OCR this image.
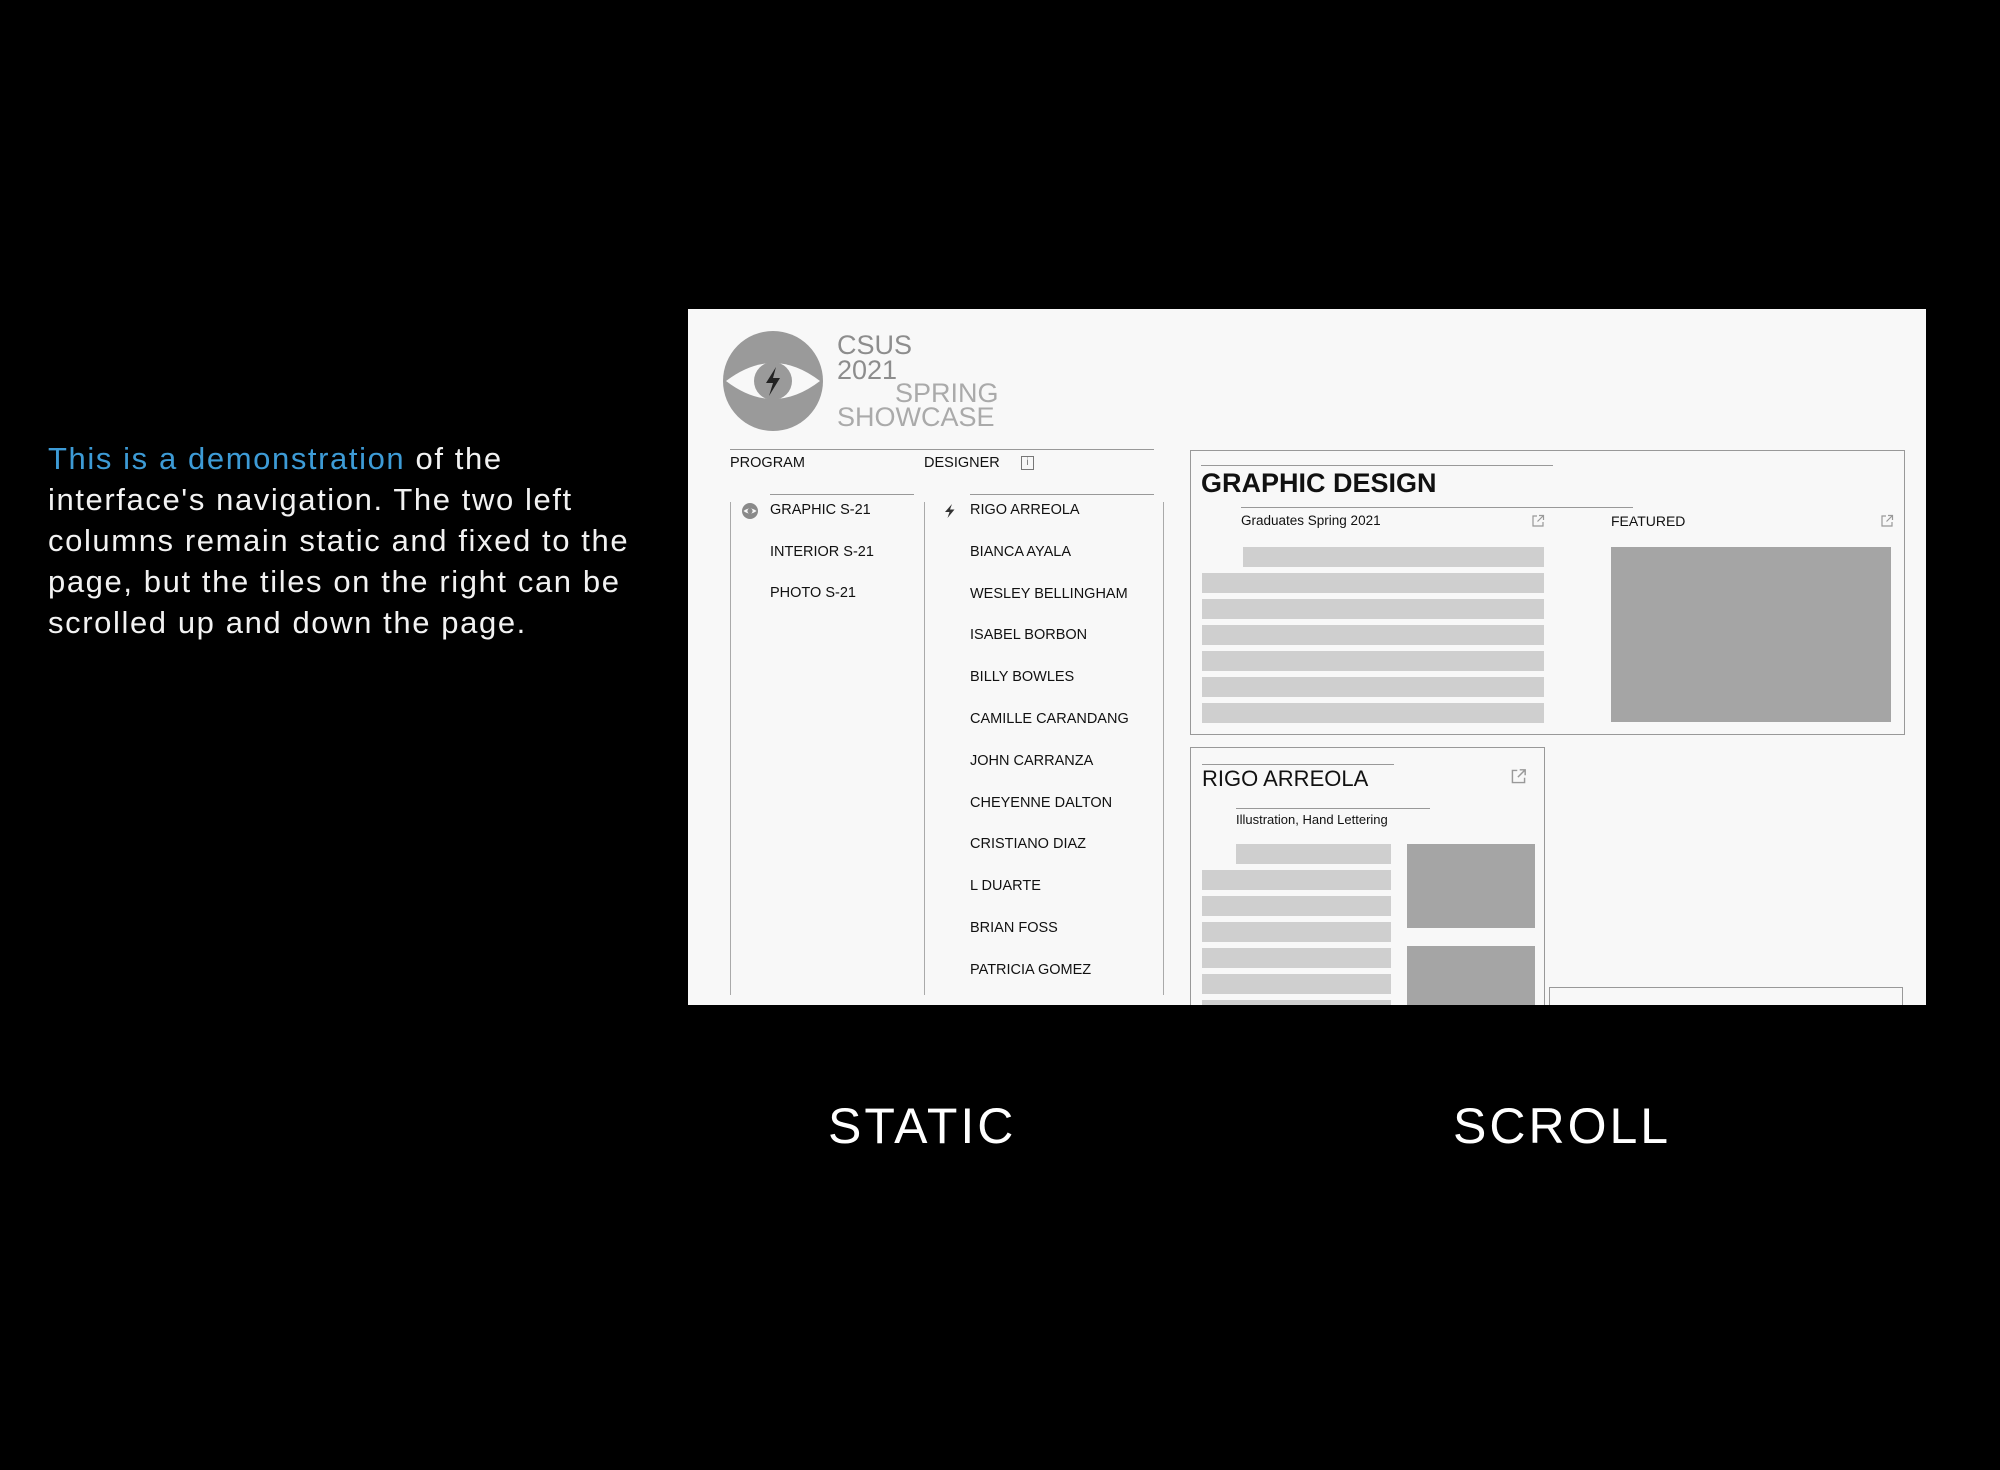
This is a demonstration of the interface's navigation. The two left columns remain static and fixed to the page, but the tiles on the right can be scrolled up and down the page.

CSUS
2021
SPRING
SHOWCASE
PROGRAM	DESIGNER	i
GRAPHIC DESIGN
Graduates Spring 2021	FEATURED
RIGO ARREOLA
Illustration, Hand Lettering
GRAPHIC S-21
INTERIOR S-21
PHOTO S-21
RIGO ARREOLA
BIANCA AYALA
WESLEY BELLINGHAM
ISABEL BORBON
BILLY BOWLES
CAMILLE CARANDANG
JOHN CARRANZA
CHEYENNE DALTON
CRISTIANO DIAZ
L DUARTE
BRIAN FOSS
PATRICIA GOMEZ
STATIC	SCROLL
